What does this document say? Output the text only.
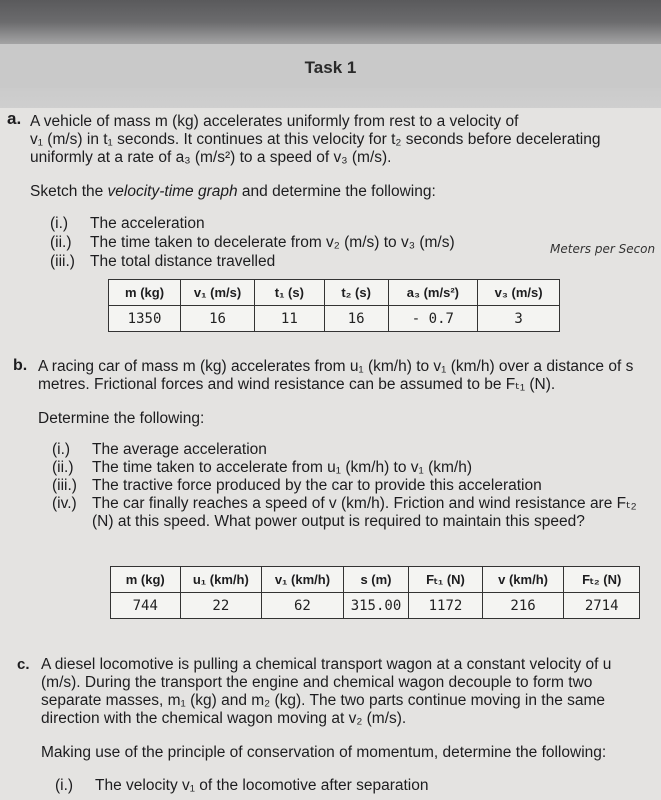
Task 1
a. A vehicle of mass m (kg) accelerates uniformly from rest to a velocity of
v₁ (m/s) in t₁ seconds. It continues at this velocity for t₂ seconds before decelerating
uniformly at a rate of a₃ (m/s²) to a speed of v₃ (m/s).
Sketch the velocity-time graph and determine the following:
(i.) The acceleration
(ii.) The time taken to decelerate from v₂ (m/s) to v₃ (m/s)
(iii.) The total distance travelled
Meters per Secon
m (kg)	v₁ (m/s)	t₁ (s)	t₂ (s)	a₃ (m/s²)	v₃ (m/s)
1350	16	11	16	- 0.7	3
b. A racing car of mass m (kg) accelerates from u₁ (km/h) to v₁ (km/h) over a distance of s
metres. Frictional forces and wind resistance can be assumed to be Fₜ₁ (N).
Determine the following:
(i.) The average acceleration
(ii.) The time taken to accelerate from u₁ (km/h) to v₁ (km/h)
(iii.) The tractive force produced by the car to provide this acceleration
(iv.) The car finally reaches a speed of v (km/h). Friction and wind resistance are Fₜ₂
(N) at this speed. What power output is required to maintain this speed?
m (kg)	u₁ (km/h)	v₁ (km/h)	s (m)	Fₜ₁ (N)	v (km/h)	Fₜ₂ (N)
744	22	62	315.00	1172	216	2714
c. A diesel locomotive is pulling a chemical transport wagon at a constant velocity of u
(m/s). During the transport the engine and chemical wagon decouple to form two
separate masses, m₁ (kg) and m₂ (kg). The two parts continue moving in the same
direction with the chemical wagon moving at v₂ (m/s).
Making use of the principle of conservation of momentum, determine the following:
(i.) The velocity v₁ of the locomotive after separation
